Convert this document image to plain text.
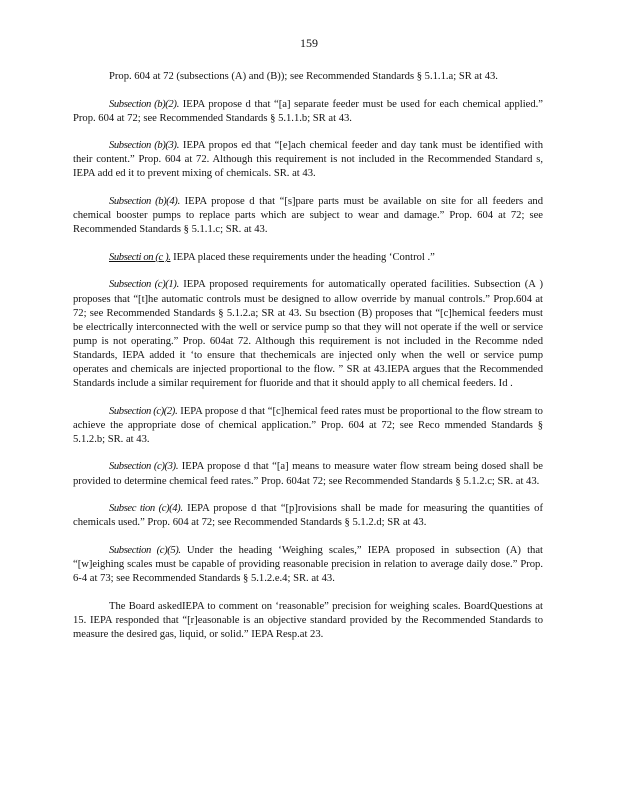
159

Prop. 604 at 72 (subsections (A) and (B)); see Recommended Standards § 5.1.1.a; SR at 43.

Subsection (b)(2). IEPA propose d that “[a] separate feeder must be used for each chemical applied.” Prop. 604 at 72; see Recommended Standards § 5.1.1.b; SR at 43.

Subsection (b)(3). IEPA propos ed that “[e]ach chemical feeder and day tank must be identified with their content.” Prop. 604 at 72. Although this requirement is not included in the Recommended Standard s, IEPA add ed it to prevent mixing of chemicals. SR. at 43.

Subsection (b)(4). IEPA propose d that “[s]pare parts must be available on site for all feeders and chemical booster pumps to replace parts which are subject to wear and damage.” Prop. 604 at 72; see Recommended Standards § 5.1.1.c; SR. at 43.

Subsecti on (c ). IEPA placed these requirements under the heading ‘Control .”

Subsection (c)(1). IEPA proposed requirements for automatically operated facilities. Subsection (A ) proposes that “[t]he automatic controls must be designed to allow override by manual controls.” Prop.604 at 72; see Recommended Standards § 5.1.2.a; SR at 43. Su bsection (B) proposes that “[c]hemical feeders must be electrically interconnected with the well or service pump so that they will not operate if the well or service pump is not operating.” Prop. 604at 72. Although this requirement is not included in the Recomme nded Standards, IEPA added it ‘to ensure that thechemicals are injected only when the well or service pump operates and chemicals are injected proportional to the flow. ” SR at 43.IEPA argues that the Recommended Standards include a similar requirement for fluoride and that it should apply to all chemical feeders. Id .

Subsection (c)(2). IEPA propose d that “[c]hemical feed rates must be proportional to the flow stream to achieve the appropriate dose of chemical application.” Prop. 604 at 72; see Reco mmended Standards § 5.1.2.b; SR. at 43.

Subsection (c)(3). IEPA propose d that “[a] means to measure water flow stream being dosed shall be provided to determine chemical feed rates.” Prop. 604at 72; see Recommended Standards § 5.1.2.c; SR. at 43.

Subsec tion (c)(4). IEPA propose d that “[p]rovisions shall be made for measuring the quantities of chemicals used.” Prop. 604 at 72; see Recommended Standards § 5.1.2.d; SR at 43.

Subsection (c)(5). Under the heading ‘Weighing scales,” IEPA proposed in subsection (A) that “[w]eighing scales must be capable of providing reasonable precision in relation to average daily dose.” Prop. 6-4 at 73; see Recommended Standards § 5.1.2.e.4; SR. at 43.

The Board askedIEPA to comment on ‘reasonable” precision for weighing scales. BoardQuestions at 15. IEPA responded that “[r]easonable is an objective standard provided by the Recommended Standards to measure the desired gas, liquid, or solid.” IEPA Resp.at 23.
